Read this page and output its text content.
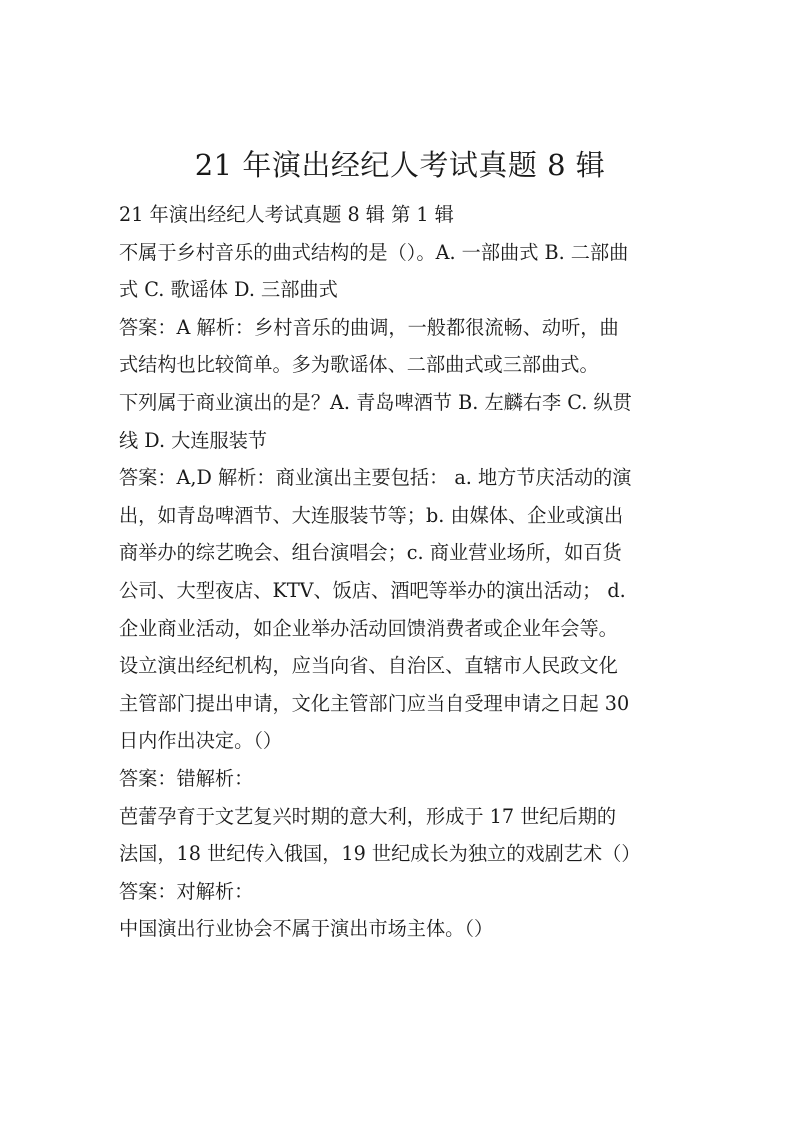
21 年演出经纪人考试真题 8 辑
21 年演出经纪人考试真题 8 辑 第 1 辑
不属于乡村音乐的曲式结构的是（）。A. 一部曲式 B. 二部曲
式 C. 歌谣体 D. 三部曲式
答案：A 解析：乡村音乐的曲调，一般都很流畅、动听，曲
式结构也比较简单。多为歌谣体、二部曲式或三部曲式。
下列属于商业演出的是？A. 青岛啤酒节 B. 左麟右李 C. 纵贯
线 D. 大连服装节
答案：A,D 解析：商业演出主要包括： a. 地方节庆活动的演
出，如青岛啤酒节、大连服装节等；b. 由媒体、企业或演出
商举办的综艺晚会、组台演唱会；c. 商业营业场所，如百货
公司、大型夜店、KTV、饭店、酒吧等举办的演出活动； d.
企业商业活动，如企业举办活动回馈消费者或企业年会等。
设立演出经纪机构，应当向省、自治区、直辖市人民政文化
主管部门提出申请，文化主管部门应当自受理申请之日起 30
日内作出决定。（）
答案：错解析：
芭蕾孕育于文艺复兴时期的意大利，形成于 17 世纪后期的
法国，18 世纪传入俄国，19 世纪成长为独立的戏剧艺术（）
答案：对解析：
中国演出行业协会不属于演出市场主体。（）
